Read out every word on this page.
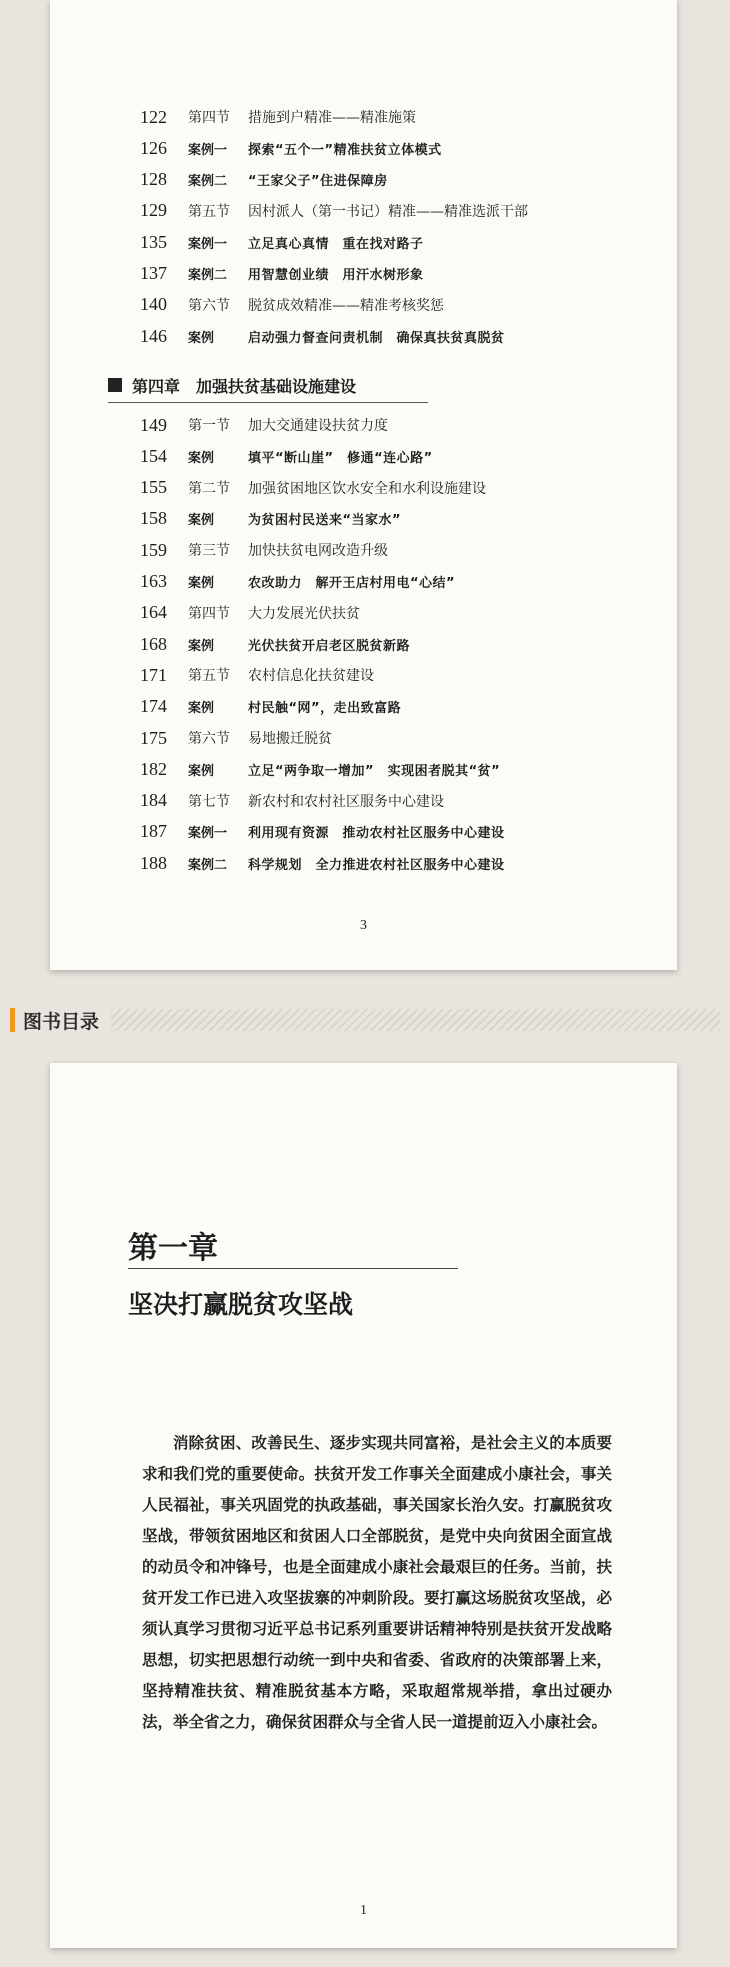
122	第四节	措施到户精准——精准施策
126	案例一	探索“五个一”精准扶贫立体模式
128	案例二	“王家父子”住进保障房
129	第五节	因村派人（第一书记）精准——精准选派干部
135	案例一	立足真心真情　重在找对路子
137	案例二	用智慧创业绩　用汗水树形象
140	第六节	脱贫成效精准——精准考核奖惩
146	案例	启动强力督查问责机制　确保真扶贫真脱贫
第四章　加强扶贫基础设施建设
149	第一节	加大交通建设扶贫力度
154	案例	填平“断山崖”　修通“连心路”
155	第二节	加强贫困地区饮水安全和水利设施建设
158	案例	为贫困村民送来“当家水”
159	第三节	加快扶贫电网改造升级
163	案例	农改助力　解开王店村用电“心结”
164	第四节	大力发展光伏扶贫
168	案例	光伏扶贫开启老区脱贫新路
171	第五节	农村信息化扶贫建设
174	案例	村民触“网”，走出致富路
175	第六节	易地搬迁脱贫
182	案例	立足“两争取一增加”　实现困者脱其“贫”
184	第七节	新农村和农村社区服务中心建设
187	案例一	利用现有资源　推动农村社区服务中心建设
188	案例二	科学规划　全力推进农村社区服务中心建设
3
图书目录
1
第一章
坚决打赢脱贫攻坚战
消除贫困、改善民生、逐步实现共同富裕，是社会主义的本质要求和我们党的重要使命。扶贫开发工作事关全面建成小康社会，事关人民福祉，事关巩固党的执政基础，事关国家长治久安。打赢脱贫攻坚战，带领贫困地区和贫困人口全部脱贫，是党中央向贫困全面宣战的动员令和冲锋号，也是全面建成小康社会最艰巨的任务。当前，扶贫开发工作已进入攻坚拔寨的冲刺阶段。要打赢这场脱贫攻坚战，必须认真学习贯彻习近平总书记系列重要讲话精神特别是扶贫开发战略思想，切实把思想行动统一到中央和省委、省政府的决策部署上来，坚持精准扶贫、精准脱贫基本方略，采取超常规举措，拿出过硬办法，举全省之力，确保贫困群众与全省人民一道提前迈入小康社会。
